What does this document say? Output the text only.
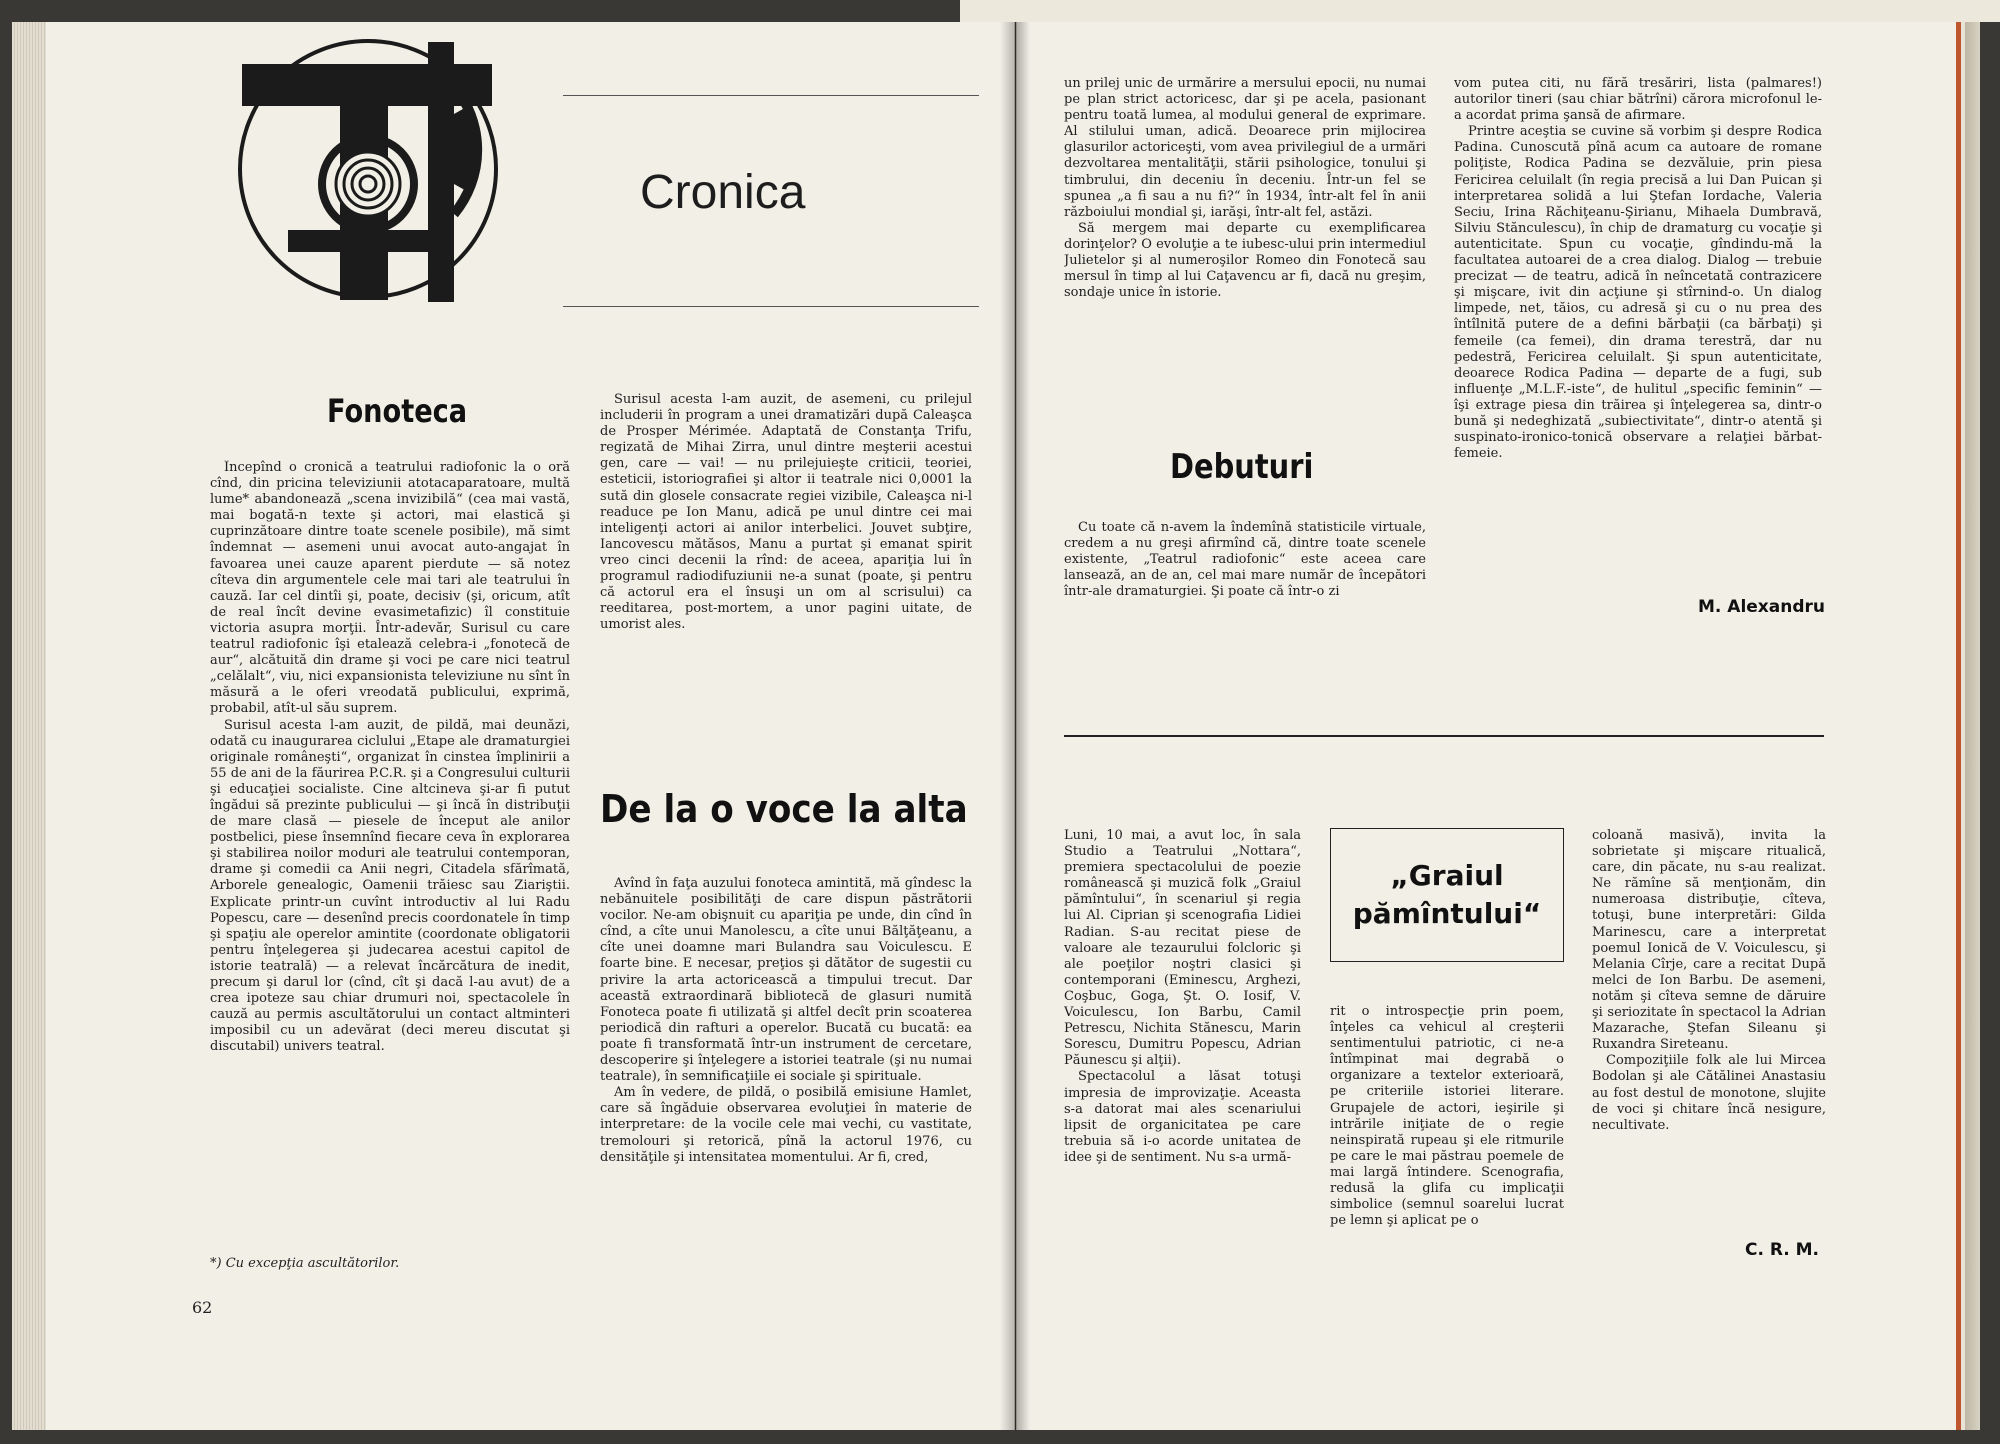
Cronica
Fonoteca

Începînd o cronică a teatrului radiofonic la o oră cînd, din pricina televiziunii atotacaparatoare, multă lume* abandonează „scena invizibilă“ (cea mai vastă, mai bogată-n texte şi actori, mai elastică şi cuprinzătoare dintre toate scenele posibile), mă simt îndemnat — asemeni unui avocat auto-angajat în favoarea unei cauze aparent pierdute — să notez cîteva din argumentele cele mai tari ale teatrului în cauză. Iar cel dintîi şi, poate, decisiv (şi, oricum, atît de real încît devine evasimetafizic) îl constituie victoria asupra morţii. Într-adevăr, Surisul cu care teatrul radiofonic îşi etalează celebra-i „fonotecă de aur“, alcătuită din drame şi voci pe care nici teatrul „celălalt“, viu, nici expansionista televiziune nu sînt în măsură a le oferi vreodată publicului, exprimă, probabil, atît-ul său suprem.

Surisul acesta l-am auzit, de pildă, mai deunăzi, odată cu inaugurarea ciclului „Etape ale dramaturgiei originale româneşti“, organizat în cinstea împlinirii a 55 de ani de la făurirea P.C.R. şi a Congresului culturii şi educaţiei socialiste. Cine altcineva şi-ar fi putut îngădui să prezinte publicului — şi încă în distribuţii de mare clasă — piesele de început ale anilor postbelici, piese însemnînd fiecare ceva în explorarea şi stabilirea noilor moduri ale teatrului contemporan, drame şi comedii ca Anii negri, Citadela sfărîmată, Arborele genealogic, Oamenii trăiesc sau Ziariştii. Explicate printr-un cuvînt introductiv al lui Radu Popescu, care — desenînd precis coordonatele în timp şi spaţiu ale operelor amintite (coordonate obligatorii pentru înţelegerea şi judecarea acestui capitol de istorie teatrală) — a relevat încărcătura de inedit, precum şi darul lor (cînd, cît şi dacă l-au avut) de a crea ipoteze sau chiar drumuri noi, spectacolele în cauză au permis ascultătorului un contact altminteri imposibil cu un adevărat (deci mereu discutat şi discutabil) univers teatral.

*) Cu excepţia ascultătorilor.
62

Surisul acesta l-am auzit, de asemeni, cu prilejul includerii în program a unei dramatizări după Caleaşca de Prosper Mérimée. Adaptată de Constanţa Trifu, regizată de Mihai Zirra, unul dintre meşterii acestui gen, care — vai! — nu prilejuieşte criticii, teoriei, esteticii, istoriografiei şi altor ii teatrale nici 0,0001 la sută din glosele consacrate regiei vizibile, Caleaşca ni-l readuce pe Ion Manu, adică pe unul dintre cei mai inteligenţi actori ai anilor interbelici. Jouvet subţire, Iancovescu mătăsos, Manu a purtat şi emanat spirit vreo cinci decenii la rînd: de aceea, apariţia lui în programul radiodifuziunii ne-a sunat (poate, şi pentru că actorul era el însuşi un om al scrisului) ca reeditarea, post-mortem, a unor pagini uitate, de umorist ales.

De la o voce la alta

Avînd în faţa auzului fonoteca amintită, mă gîndesc la nebănuitele posibilităţi de care dispun păstrătorii vocilor. Ne-am obişnuit cu apariţia pe unde, din cînd în cînd, a cîte unui Manolescu, a cîte unui Bălţăţeanu, a cîte unei doamne mari Bulandra sau Voiculescu. E foarte bine. E necesar, preţios şi dătător de sugestii cu privire la arta actoricească a timpului trecut. Dar această extraordinară bibliotecă de glasuri numită Fonoteca poate fi utilizată şi altfel decît prin scoaterea periodică din rafturi a operelor. Bucată cu bucată: ea poate fi transformată într-un instrument de cercetare, descoperire şi înţelegere a istoriei teatrale (şi nu numai teatrale), în semnificaţiile ei sociale şi spirituale.

Am în vedere, de pildă, o posibilă emisiune Hamlet, care să îngăduie observarea evoluţiei în materie de interpretare: de la vocile cele mai vechi, cu vastitate, tremolouri şi retorică, pînă la actorul 1976, cu densităţile şi intensitatea momentului. Ar fi, cred,

un prilej unic de urmărire a mersului epocii, nu numai pe plan strict actoricesc, dar şi pe acela, pasionant pentru toată lumea, al modului general de exprimare. Al stilului uman, adică. Deoarece prin mijlocirea glasurilor actoriceşti, vom avea privilegiul de a urmări dezvoltarea mentalităţii, stării psihologice, tonului şi timbrului, din deceniu în deceniu. Într-un fel se spunea „a fi sau a nu fi?“ în 1934, într-alt fel în anii războiului mondial şi, iarăşi, într-alt fel, astăzi.

Să mergem mai departe cu exemplificarea dorinţelor? O evoluţie a te iubesc-ului prin intermediul Julietelor şi al numeroşilor Romeo din Fonotecă sau mersul în timp al lui Caţavencu ar fi, dacă nu greşim, sondaje unice în istorie.

Debuturi

Cu toate că n-avem la îndemînă statisticile virtuale, credem a nu greşi afirmînd că, dintre toate scenele existente, „Teatrul radiofonic“ este aceea care lansează, an de an, cel mai mare număr de începători într-ale dramaturgiei. Şi poate că într-o zi

vom putea citi, nu fără tresăriri, lista (palmares!) autorilor tineri (sau chiar bătrîni) cărora microfonul le-a acordat prima şansă de afirmare.

Printre aceştia se cuvine să vorbim şi despre Rodica Padina. Cunoscută pînă acum ca autoare de romane poliţiste, Rodica Padina se dezvăluie, prin piesa Fericirea celuilalt (în regia precisă a lui Dan Puican şi interpretarea solidă a lui Ştefan Iordache, Valeria Seciu, Irina Răchiţeanu-Şirianu, Mihaela Dumbravă, Silviu Stănculescu), în chip de dramaturg cu vocaţie şi autenticitate. Spun cu vocaţie, gîndindu-mă la facultatea autoarei de a crea dialog. Dialog — trebuie precizat — de teatru, adică în neîncetată contrazicere şi mişcare, ivit din acţiune şi stîrnind-o. Un dialog limpede, net, tăios, cu adresă şi cu o nu prea des întîlnită putere de a defini bărbaţii (ca bărbaţi) şi femeile (ca femei), din drama terestră, dar nu pedestră, Fericirea celuilalt. Şi spun autenticitate, deoarece Rodica Padina — departe de a fugi, sub influenţe „M.L.F.-iste“, de hulitul „specific feminin“ — îşi extrage piesa din trăirea şi înţelegerea sa, dintr-o bună şi nedeghizată „subiectivitate“, dintr-o atentă şi suspinato-ironico-tonică observare a relaţiei bărbat-femeie.

M. Alexandru

Luni, 10 mai, a avut loc, în sala Studio a Teatrului „Nottara“, premiera spectacolului de poezie românească şi muzică folk „Graiul pămîntului“, în scenariul şi regia lui Al. Ciprian şi scenografia Lidiei Radian. S-au recitat piese de valoare ale tezaurului folcloric şi ale poeţilor noştri clasici şi contemporani (Eminescu, Arghezi, Coşbuc, Goga, Şt. O. Iosif, V. Voiculescu, Ion Barbu, Camil Petrescu, Nichita Stănescu, Marin Sorescu, Dumitru Popescu, Adrian Păunescu şi alţii).

Spectacolul a lăsat totuşi impresia de improvizaţie. Aceasta s-a datorat mai ales scenariului lipsit de organicitatea pe care trebuia să i-o acorde unitatea de idee şi de sentiment. Nu s-a urmă-

„Graiul pămîntului“

rit o introspecţie prin poem, înţeles ca vehicul al creşterii sentimentului patriotic, ci ne-a întîmpinat mai degrabă o organizare a textelor exterioară, pe criteriile istoriei literare. Grupajele de actori, ieşirile şi intrările iniţiate de o regie neinspirată rupeau şi ele ritmurile pe care le mai păstrau poemele de mai largă întindere. Scenografia, redusă la glifa cu implicaţii simbolice (semnul soarelui lucrat pe lemn şi aplicat pe o

coloană masivă), invita la sobrietate şi mişcare ritualică, care, din păcate, nu s-au realizat. Ne rămîne să menţionăm, din numeroasa distribuţie, cîteva, totuşi, bune interpretări: Gilda Marinescu, care a interpretat poemul Ionică de V. Voiculescu, şi Melania Cîrje, care a recitat După melci de Ion Barbu. De asemeni, notăm şi cîteva semne de dăruire şi seriozitate în spectacol la Adrian Mazarache, Ştefan Sileanu şi Ruxandra Sireteanu.

Compoziţiile folk ale lui Mircea Bodolan şi ale Cătălinei Anastasiu au fost destul de monotone, slujite de voci şi chitare încă nesigure, necultivate.

C. R. M.
